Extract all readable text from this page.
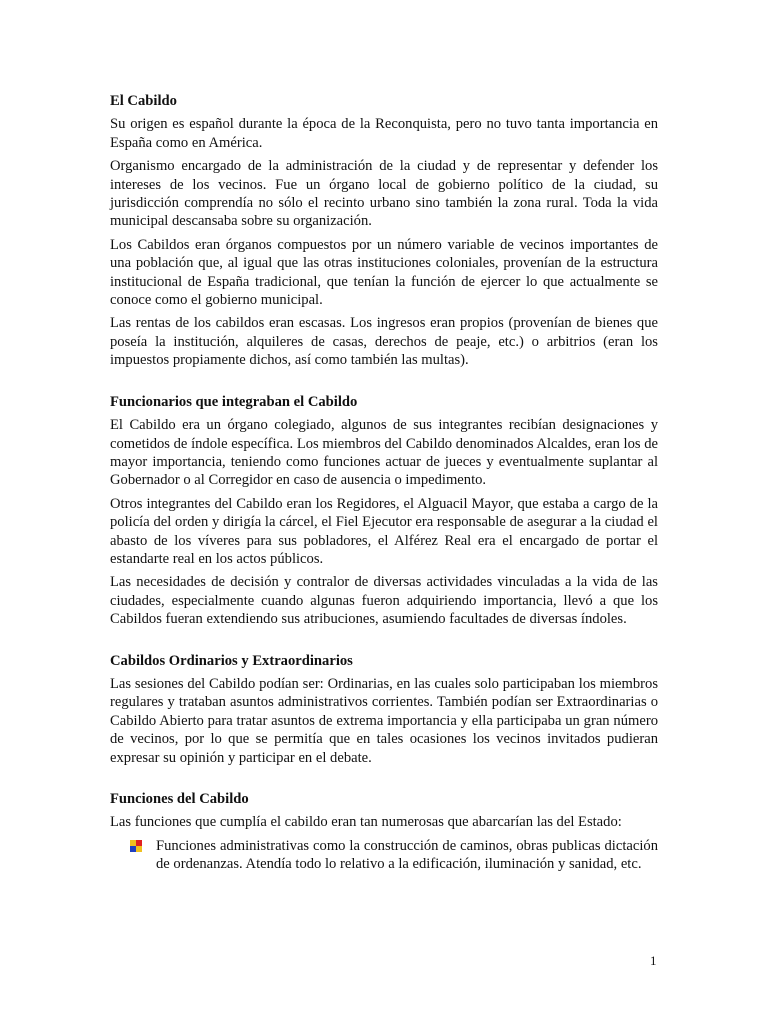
El Cabildo

Su origen es español durante la época de la Reconquista, pero no tuvo tanta importancia en España como en América.

Organismo encargado de la administración de la ciudad y de representar y defender los intereses de los vecinos. Fue un órgano local de gobierno político de la ciudad, su jurisdicción comprendía no sólo el recinto urbano sino también la zona rural. Toda la vida municipal descansaba sobre su organización.

Los Cabildos eran órganos compuestos por un número variable de vecinos importantes de una población que, al igual que las otras instituciones coloniales, provenían de la estructura institucional de España tradicional, que tenían la función de ejercer lo que actualmente se conoce como el gobierno municipal.

Las rentas de los cabildos eran escasas. Los ingresos eran propios (provenían de bienes que poseía la institución, alquileres de casas, derechos de peaje, etc.) o arbitrios (eran los impuestos propiamente dichos, así como también las multas).

Funcionarios que integraban el Cabildo

El Cabildo era un órgano colegiado, algunos de sus integrantes recibían designaciones y cometidos de índole específica. Los miembros del Cabildo denominados Alcaldes, eran los de mayor importancia, teniendo como funciones actuar de jueces y eventualmente suplantar al Gobernador o al Corregidor en caso de ausencia o impedimento.

Otros integrantes del Cabildo eran los Regidores, el Alguacil Mayor, que estaba a cargo de la policía del orden y dirigía la cárcel, el Fiel Ejecutor era responsable de asegurar a la ciudad el abasto de los víveres para sus pobladores, el Alférez Real era el encargado de portar el estandarte real en los actos públicos.

Las necesidades de decisión y contralor de diversas actividades vinculadas a la vida de las ciudades, especialmente cuando algunas fueron adquiriendo importancia, llevó a que los Cabildos fueran extendiendo sus atribuciones, asumiendo facultades de diversas índoles.

Cabildos Ordinarios y Extraordinarios

Las sesiones del Cabildo podían ser: Ordinarias, en las cuales solo participaban los miembros regulares y trataban asuntos administrativos corrientes. También podían ser Extraordinarias o Cabildo Abierto para tratar asuntos de extrema importancia y ella participaba un gran número de vecinos, por lo que se permitía que en tales ocasiones los vecinos invitados pudieran expresar su opinión y participar en el debate.

Funciones del Cabildo

Las funciones que cumplía el cabildo eran tan numerosas que abarcarían las del Estado:

Funciones administrativas como la construcción de caminos, obras publicas dictación de ordenanzas. Atendía todo lo relativo a la edificación, iluminación y sanidad, etc.
1
